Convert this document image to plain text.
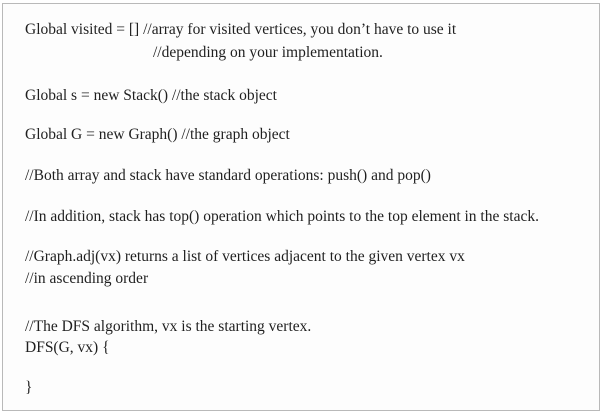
Global visited = [] //array for visited vertices, you don’t have to use it
//depending on your implementation.
Global s = new Stack() //the stack object
Global G = new Graph() //the graph object
//Both array and stack have standard operations: push() and pop()
//In addition, stack has top() operation which points to the top element in the stack.
//Graph.adj(vx) returns a list of vertices adjacent to the given vertex vx
//in ascending order
//The DFS algorithm, vx is the starting vertex.
DFS(G, vx) {
}
